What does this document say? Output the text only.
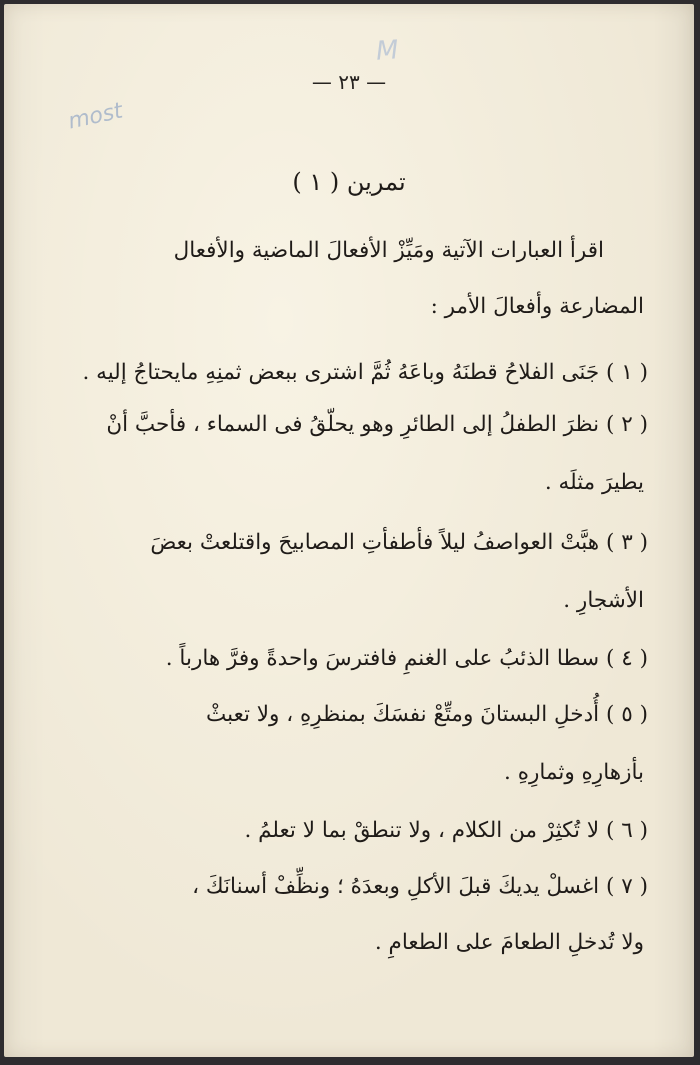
M
most
— ٢٣ —
تمرين ( ١ )
اقرأ العبارات الآتية ومَيِّزْ الأفعالَ الماضية والأفعال
المضارعة وأفعالَ الأمر :
( ١ ) جَنَى الفلاحُ قطنَهُ وباعَهُ ثُمَّ اشترى ببعض ثمنِهِ مايحتاجُ إليه .
( ٢ ) نظرَ الطفلُ إلى الطائرِ وهو يحلّقُ فى السماء ، فأحبَّ أنْ
يطيرَ مثلَه .
( ٣ ) هبَّتْ العواصفُ ليلاً فأطفأتِ المصابيحَ واقتلعتْ بعضَ
الأشجارِ .
( ٤ ) سطا الذئبُ على الغنمِ فافترسَ واحدةً وفرَّ هارباً .
( ٥ ) أُدخلِ البستانَ ومتِّعْ نفسَكَ بمنظرِهِ ، ولا تعبثْ
بأزهارِهِ وثمارِهِ .
( ٦ ) لا تُكثِرْ من الكلام ، ولا تنطقْ بما لا تعلمُ .
( ٧ ) اغسلْ يديكَ قبلَ الأكلِ وبعدَهُ ؛ ونظِّفْ أسنانَكَ ،
ولا تُدخلِ الطعامَ على الطعامِ .
